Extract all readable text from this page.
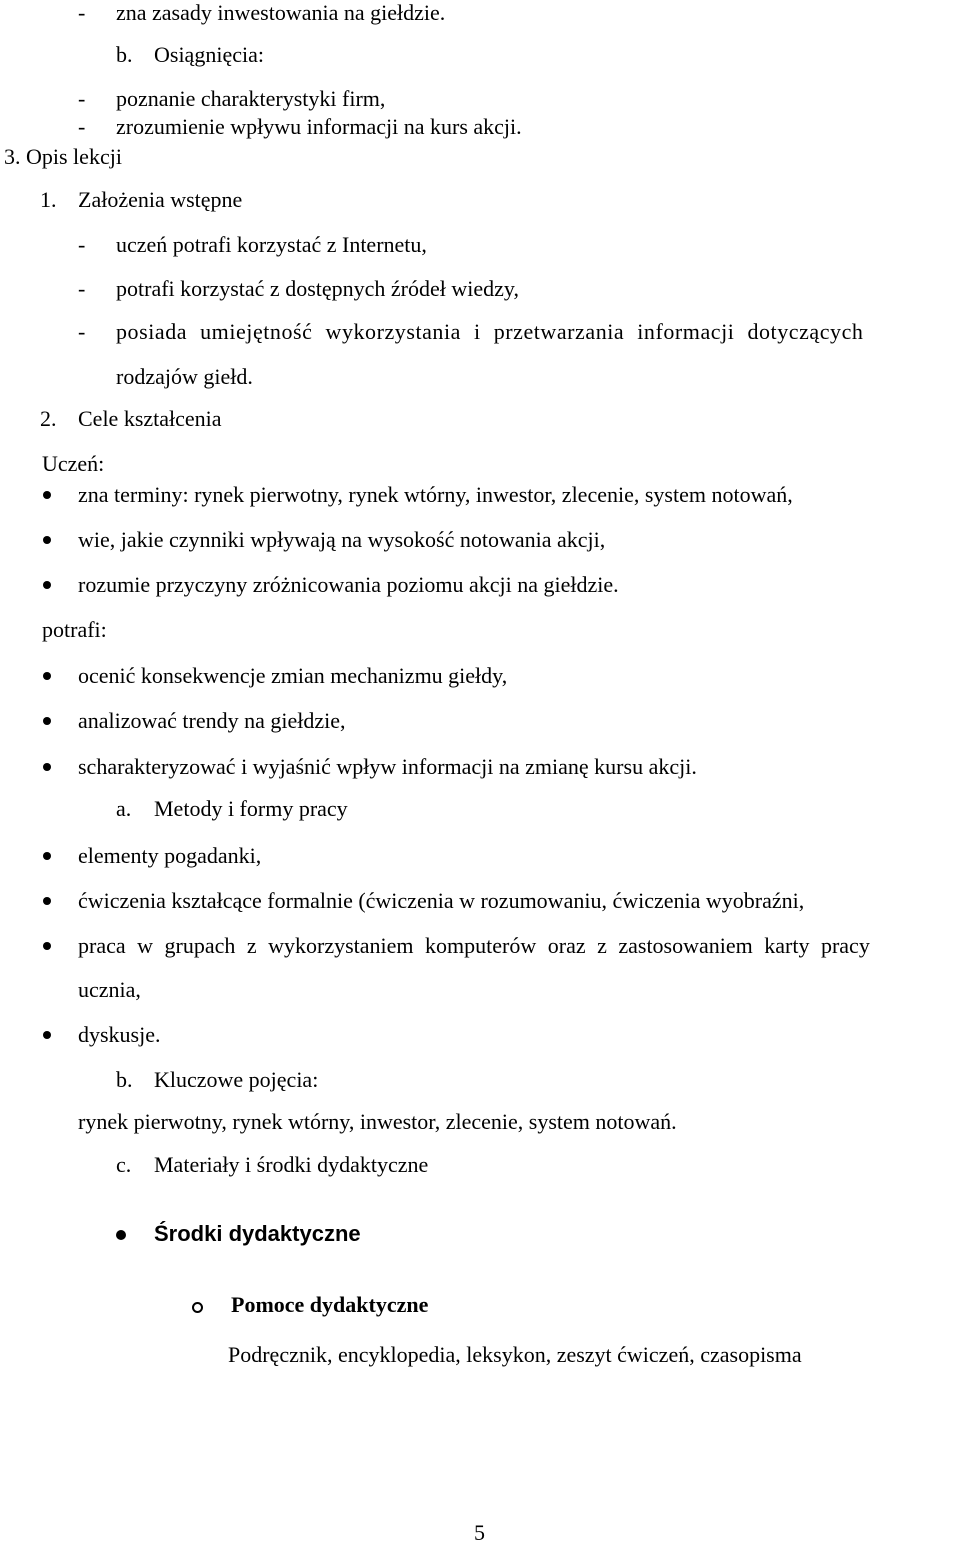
- zna zasady inwestowania na giełdzie.
b. Osiągnięcia:
- poznanie charakterystyki firm,
- zrozumienie wpływu informacji na kurs akcji.
3. Opis lekcji
1. Założenia wstępne
- uczeń potrafi korzystać z Internetu,
- potrafi korzystać z dostępnych źródeł wiedzy,
- posiada umiejętność wykorzystania i przetwarzania informacji dotyczących
rodzajów giełd.
2. Cele kształcenia
Uczeń:
zna terminy: rynek pierwotny, rynek wtórny, inwestor, zlecenie, system notowań,
wie, jakie czynniki wpływają na wysokość notowania akcji,
rozumie przyczyny zróżnicowania poziomu akcji na giełdzie.
potrafi:
ocenić konsekwencje zmian mechanizmu giełdy,
analizować trendy na giełdzie,
scharakteryzować i wyjaśnić wpływ informacji na zmianę kursu akcji.
a. Metody i formy pracy
elementy pogadanki,
ćwiczenia kształcące formalnie (ćwiczenia w rozumowaniu, ćwiczenia wyobraźni,
praca w grupach z wykorzystaniem komputerów oraz z zastosowaniem karty pracy
ucznia,
dyskusje.
b. Kluczowe pojęcia:
rynek pierwotny, rynek wtórny, inwestor, zlecenie, system notowań.
c. Materiały i środki dydaktyczne
Środki dydaktyczne
Pomoce dydaktyczne
Podręcznik, encyklopedia, leksykon, zeszyt ćwiczeń, czasopisma
5
